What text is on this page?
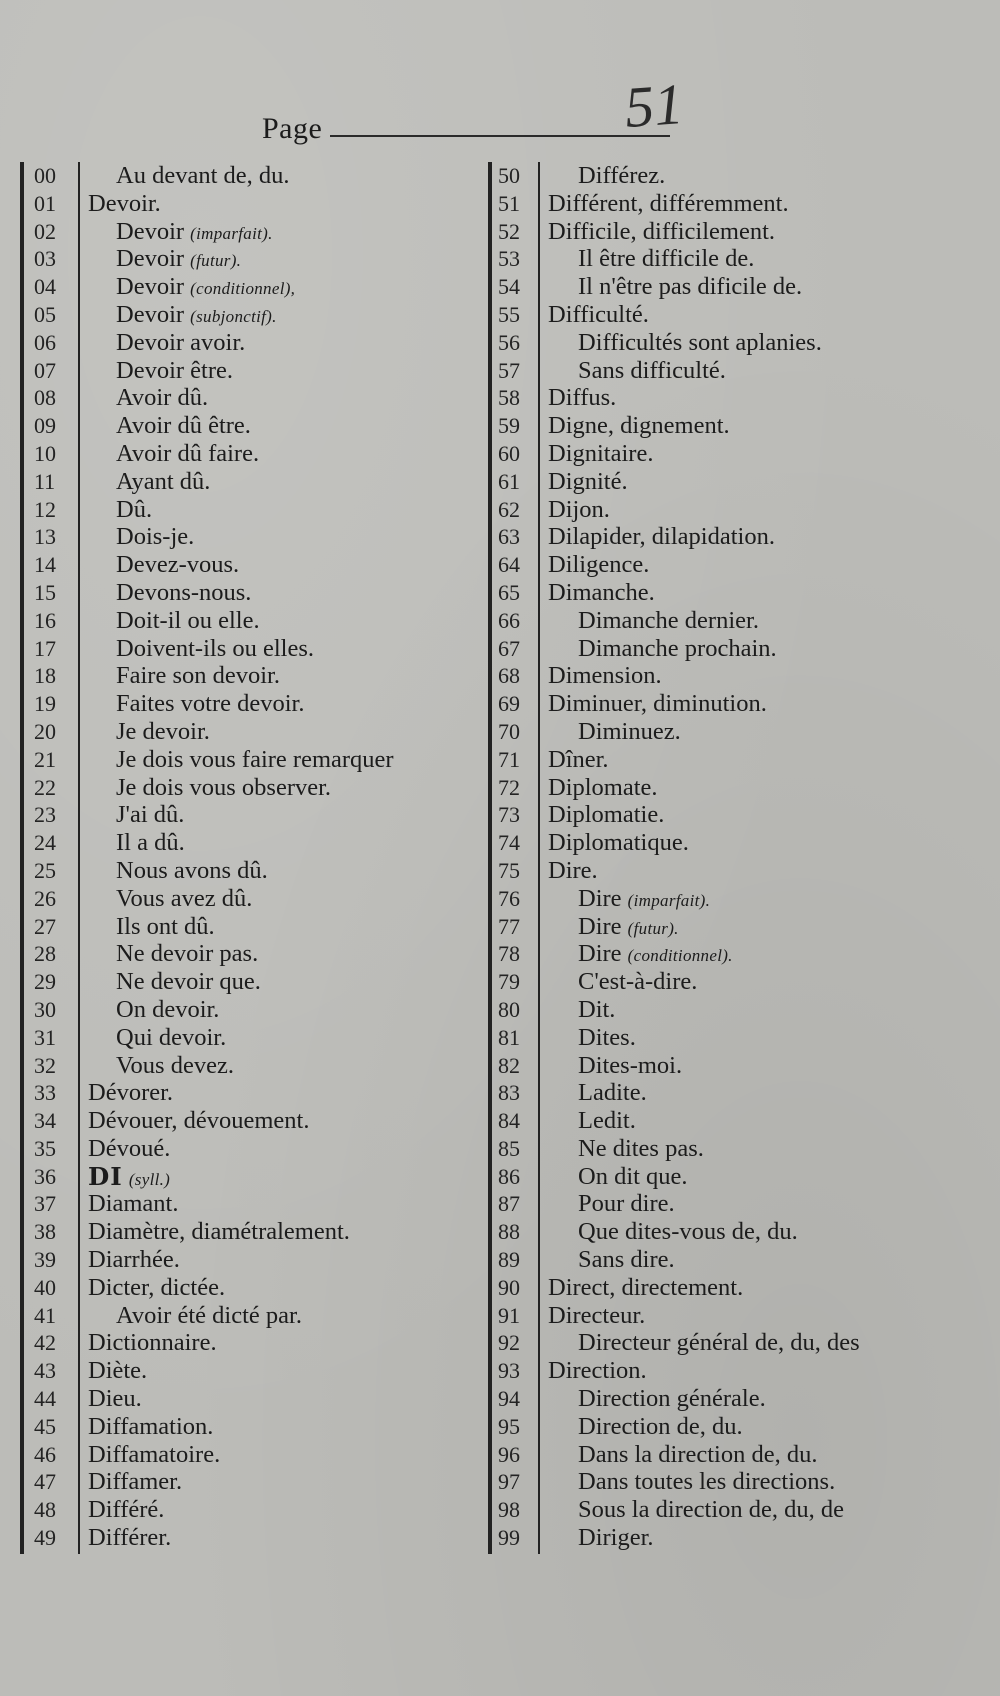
Page	51
00	Au devant de, du.
01	Devoir.
02	Devoir (imparfait).
03	Devoir (futur).
04	Devoir (conditionnel),
05	Devoir (subjonctif).
06	Devoir avoir.
07	Devoir être.
08	Avoir dû.
09	Avoir dû être.
10	Avoir dû faire.
11	Ayant dû.
12	Dû.
13	Dois-je.
14	Devez-vous.
15	Devons-nous.
16	Doit-il ou elle.
17	Doivent-ils ou elles.
18	Faire son devoir.
19	Faites votre devoir.
20	Je devoir.
21	Je dois vous faire remarquer
22	Je dois vous observer.
23	J'ai dû.
24	Il a dû.
25	Nous avons dû.
26	Vous avez dû.
27	Ils ont dû.
28	Ne devoir pas.
29	Ne devoir que.
30	On devoir.
31	Qui devoir.
32	Vous devez.
33	Dévorer.
34	Dévouer, dévouement.
35	Dévoué.
36	DI (syll.)
37	Diamant.
38	Diamètre, diamétralement.
39	Diarrhée.
40	Dicter, dictée.
41	Avoir été dicté par.
42	Dictionnaire.
43	Diète.
44	Dieu.
45	Diffamation.
46	Diffamatoire.
47	Diffamer.
48	Différé.
49	Différer.
50	Différez.
51	Différent, différemment.
52	Difficile, difficilement.
53	Il être difficile de.
54	Il n'être pas dificile de.
55	Difficulté.
56	Difficultés sont aplanies.
57	Sans difficulté.
58	Diffus.
59	Digne, dignement.
60	Dignitaire.
61	Dignité.
62	Dijon.
63	Dilapider, dilapidation.
64	Diligence.
65	Dimanche.
66	Dimanche dernier.
67	Dimanche prochain.
68	Dimension.
69	Diminuer, diminution.
70	Diminuez.
71	Dîner.
72	Diplomate.
73	Diplomatie.
74	Diplomatique.
75	Dire.
76	Dire (imparfait).
77	Dire (futur).
78	Dire (conditionnel).
79	C'est-à-dire.
80	Dit.
81	Dites.
82	Dites-moi.
83	Ladite.
84	Ledit.
85	Ne dites pas.
86	On dit que.
87	Pour dire.
88	Que dites-vous de, du.
89	Sans dire.
90	Direct, directement.
91	Directeur.
92	Directeur général de, du, des
93	Direction.
94	Direction générale.
95	Direction de, du.
96	Dans la direction de, du.
97	Dans toutes les directions.
98	Sous la direction de, du, de
99	Diriger.
